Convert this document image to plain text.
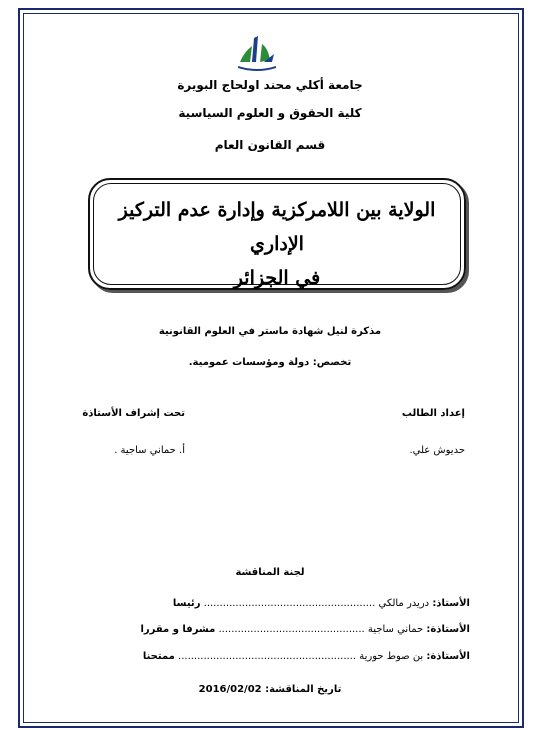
جامعة أكلي محند اولحاج البويرة
كلية الحقوق و العلوم السياسية
قسم القانون العام
الولاية بين اللامركزية وإدارة عدم التركيز الإداري
في الجزائر
مذكرة لنيل شهادة ماستر في العلوم القانونية
تخصص: دولة ومؤسسات عمومية.
إعداد الطالب
تحت إشراف الأستاذة
حديوش علي.
أ. حماني ساجية .
لجنة المناقشة
الأستاذ: دريدر مالكي ...................................................... رئيسا
الأستاذة: حماني ساجية .............................................. مشرفا و مقررا
الأستاذة: بن صوط حورية ........................................................ ممتحنا
تاريخ المناقشة: 2016/02/02
